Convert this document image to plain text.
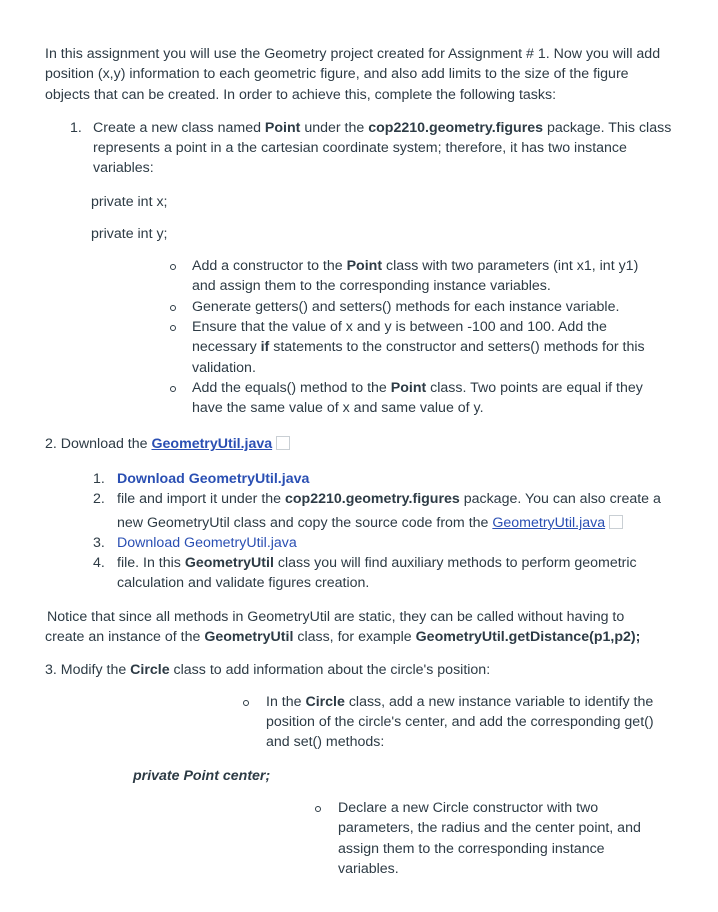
In this assignment you will use the Geometry project created for Assignment # 1. Now you will add

position (x,y) information to each geometric figure, and also add limits to the size of the figure

objects that can be created. In order to achieve this, complete the following tasks:

1. Create a new class named Point under the cop2210.geometry.figures package. This class

represents a point in a the cartesian coordinate system; therefore, it has two instance

variables:

private int x;

private int y;

Add a constructor to the Point class with two parameters (int x1, int y1)

and assign them to the corresponding instance variables.

Generate getters() and setters() methods for each instance variable.

Ensure that the value of x and y is between -100 and 100. Add the

necessary if statements to the constructor and setters() methods for this

validation.

Add the equals() method to the Point class. Two points are equal if they

have the same value of x and same value of y.

2. Download the GeometryUtil.java

1. Download GeometryUtil.java

2. file and import it under the cop2210.geometry.figures package. You can also create a

new GeometryUtil class and copy the source code from the GeometryUtil.java

3. Download GeometryUtil.java

4. file. In this GeometryUtil class you will find auxiliary methods to perform geometric

calculation and validate figures creation.

Notice that since all methods in GeometryUtil are static, they can be called without having to

create an instance of the GeometryUtil class, for example GeometryUtil.getDistance(p1,p2);

3. Modify the Circle class to add information about the circle's position:

In the Circle class, add a new instance variable to identify the

position of the circle's center, and add the corresponding get()

and set() methods:

private Point center;

Declare a new Circle constructor with two

parameters, the radius and the center point, and

assign them to the corresponding instance

variables.
